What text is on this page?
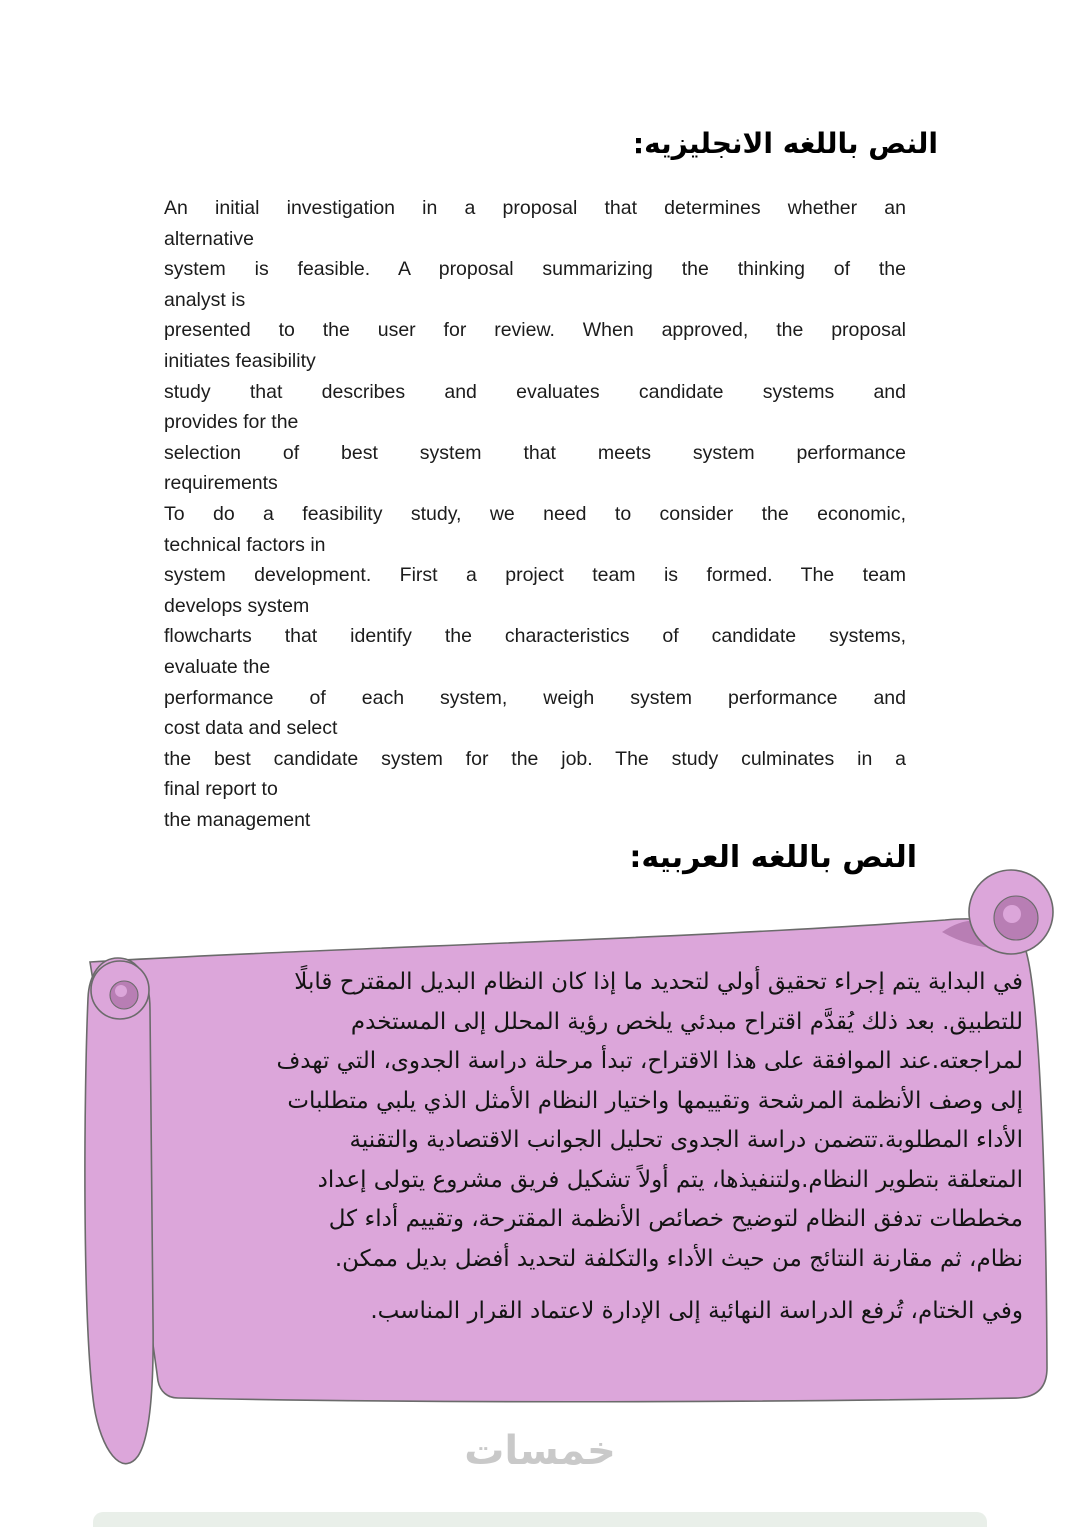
النص باللغه الانجليزيه:
An initial investigation in a proposal that determines whether an
alternative
system is feasible. A proposal summarizing the thinking of the
analyst is
presented to the user for review. When approved, the proposal
initiates feasibility
study that describes and evaluates candidate systems and
provides for the
selection of best system that meets system performance
requirements
To do a feasibility study, we need to consider the economic,
technical factors in
system development. First a project team is formed. The team
develops system
flowcharts that identify the characteristics of candidate systems,
evaluate the
performance of each system, weigh system performance and
cost data and select
the best candidate system for the job. The study culminates in a
final report to
the management
النص باللغه العربيه:
في البداية يتم إجراء تحقيق أولي لتحديد ما إذا كان النظام البديل المقترح قابلًا
للتطبيق. بعد ذلك يُقدَّم اقتراح مبدئي يلخص رؤية المحلل إلى المستخدم
لمراجعته.عند الموافقة على هذا الاقتراح، تبدأ مرحلة دراسة الجدوى، التي تهدف
إلى وصف الأنظمة المرشحة وتقييمها واختيار النظام الأمثل الذي يلبي متطلبات
الأداء المطلوبة.تتضمن دراسة الجدوى تحليل الجوانب الاقتصادية والتقنية
المتعلقة بتطوير النظام.ولتنفيذها، يتم أولاً تشكيل فريق مشروع يتولى إعداد
مخططات تدفق النظام لتوضيح خصائص الأنظمة المقترحة، وتقييم أداء كل
نظام، ثم مقارنة النتائج من حيث الأداء والتكلفة لتحديد أفضل بديل ممكن.
وفي الختام، تُرفع الدراسة النهائية إلى الإدارة لاعتماد القرار المناسب.
خمسات
